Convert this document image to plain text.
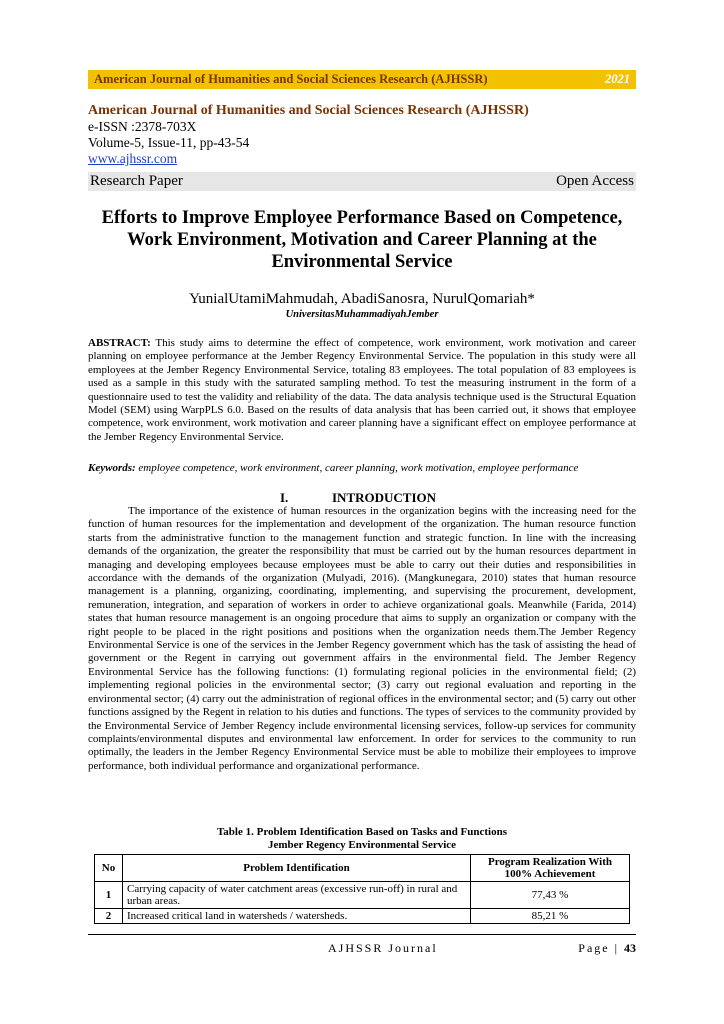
American Journal of Humanities and Social Sciences Research (AJHSSR)	2021
American Journal of Humanities and Social Sciences Research (AJHSSR)
e-ISSN :2378-703X
Volume-5, Issue-11, pp-43-54
www.ajhssr.com
Research Paper	Open Access
Efforts to Improve Employee Performance Based on Competence, Work Environment, Motivation and Career Planning at the Environmental Service
YunialUtamiMahmudah, AbadiSanosra, NurulQomariah*
UniversitasMuhammadiyahJember
ABSTRACT: This study aims to determine the effect of competence, work environment, work motivation and career planning on employee performance at the Jember Regency Environmental Service. The population in this study were all employees at the Jember Regency Environmental Service, totaling 83 employees. The total population of 83 employees is used as a sample in this study with the saturated sampling method. To test the measuring instrument in the form of a questionnaire used to test the validity and reliability of the data. The data analysis technique used is the Structural Equation Model (SEM) using WarpPLS 6.0. Based on the results of data analysis that has been carried out, it shows that employee competence, work environment, work motivation and career planning have a significant effect on employee performance at the Jember Regency Environmental Service.
Keywords: employee competence, work environment, career planning, work motivation, employee performance
I.	INTRODUCTION
The importance of the existence of human resources in the organization begins with the increasing need for the function of human resources for the implementation and development of the organization. The human resource function starts from the administrative function to the management function and strategic function. In line with the increasing demands of the organization, the greater the responsibility that must be carried out by the human resources department in managing and developing employees because employees must be able to carry out their duties and responsibilities in accordance with the demands of the organization (Mulyadi, 2016). (Mangkunegara, 2010) states that human resource management is a planning, organizing, coordinating, implementing, and supervising the procurement, development, remuneration, integration, and separation of workers in order to achieve organizational goals. Meanwhile (Farida, 2014) states that human resource management is an ongoing procedure that aims to supply an organization or company with the right people to be placed in the right positions and positions when the organization needs them.The Jember Regency Environmental Service is one of the services in the Jember Regency government which has the task of assisting the head of government or the Regent in carrying out government affairs in the environmental field. The Jember Regency Environmental Service has the following functions: (1) formulating regional policies in the environmental field; (2) implementing regional policies in the environmental sector; (3) carry out regional evaluation and reporting in the environmental sector; (4) carry out the administration of regional offices in the environmental sector; and (5) carry out other functions assigned by the Regent in relation to his duties and functions. The types of services to the community provided by the Environmental Service of Jember Regency include environmental licensing services, follow-up services for community complaints/environmental disputes and environmental law enforcement. In order for services to the community to run optimally, the leaders in the Jember Regency Environmental Service must be able to mobilize their employees to improve performance, both individual performance and organizational performance.
Table 1. Problem Identification Based on Tasks and Functions
Jember Regency Environmental Service
No	Problem Identification	Program Realization With 100% Achievement
1	Carrying capacity of water catchment areas (excessive run-off) in rural and urban areas.	77,43 %
2	Increased critical land in watersheds / watersheds.	85,21 %
AJHSSR Journal	Page | 43
